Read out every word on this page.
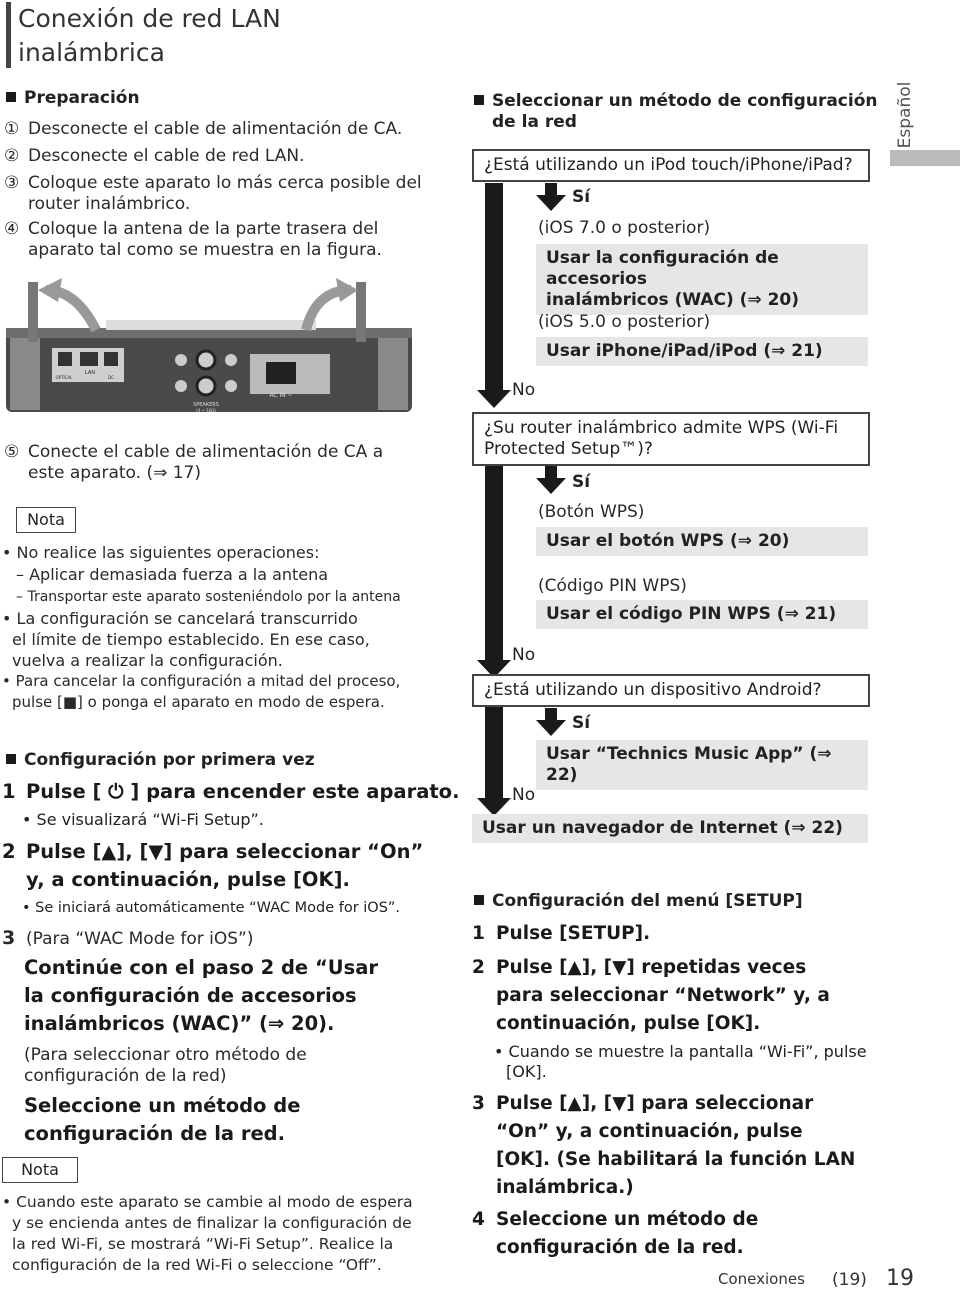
Conexión de red LAN
inalámbrica
Español
Preparación
① Desconecte el cable de alimentación de CA.
② Desconecte el cable de red LAN.
③ Coloque este aparato lo más cerca posible del
router inalámbrico.
④ Coloque la antena de la parte trasera del
aparato tal como se muestra en la figura.
LAN
OPTICAL	DC
SPEAKERS
(4 ~ 16Ω)
AC IN ~
⑤ Conecte el cable de alimentación de CA a
este aparato. (⇒ 17)
Nota
• No realice las siguientes operaciones:
– Aplicar demasiada fuerza a la antena
– Transportar este aparato sosteniéndolo por la antena
• La configuración se cancelará transcurrido
el límite de tiempo establecido. En ese caso,
vuelva a realizar la configuración.
• Para cancelar la configuración a mitad del proceso,
pulse [■] o ponga el aparato en modo de espera.
Configuración por primera vez
1 Pulse [ ⏻ ] para encender este aparato.
• Se visualizará “Wi-Fi Setup”.
2 Pulse [▲], [▼] para seleccionar “On”
y, a continuación, pulse [OK].
• Se iniciará automáticamente “WAC Mode for iOS”.
3 (Para “WAC Mode for iOS”)
Continúe con el paso 2 de “Usar
la configuración de accesorios
inalámbricos (WAC)” (⇒ 20).
(Para seleccionar otro método de
configuración de la red)
Seleccione un método de
configuración de la red.
Nota
• Cuando este aparato se cambie al modo de espera
y se encienda antes de finalizar la configuración de
la red Wi-Fi, se mostrará “Wi-Fi Setup”. Realice la
configuración de la red Wi-Fi o seleccione “Off”.
Seleccionar un método de configuración
de la red
¿Está utilizando un iPod touch/iPhone/iPad?
Sí
(iOS 7.0 o posterior)
Usar la configuración de accesorios
inalámbricos (WAC) (⇒ 20)
(iOS 5.0 o posterior)
Usar iPhone/iPad/iPod (⇒ 21)
No
¿Su router inalámbrico admite WPS (Wi-Fi
Protected Setup™)?
Sí
(Botón WPS)
Usar el botón WPS (⇒ 20)
(Código PIN WPS)
Usar el código PIN WPS (⇒ 21)
No
¿Está utilizando un dispositivo Android?
Sí
Usar “Technics Music App” (⇒ 22)
No
Usar un navegador de Internet (⇒ 22)
Configuración del menú [SETUP]
1 Pulse [SETUP].
2 Pulse [▲], [▼] repetidas veces
para seleccionar “Network” y, a
continuación, pulse [OK].
• Cuando se muestre la pantalla “Wi-Fi”, pulse
[OK].
3 Pulse [▲], [▼] para seleccionar
“On” y, a continuación, pulse
[OK]. (Se habilitará la función LAN
inalámbrica.)
4 Seleccione un método de
configuración de la red.
Conexiones (19) 19
